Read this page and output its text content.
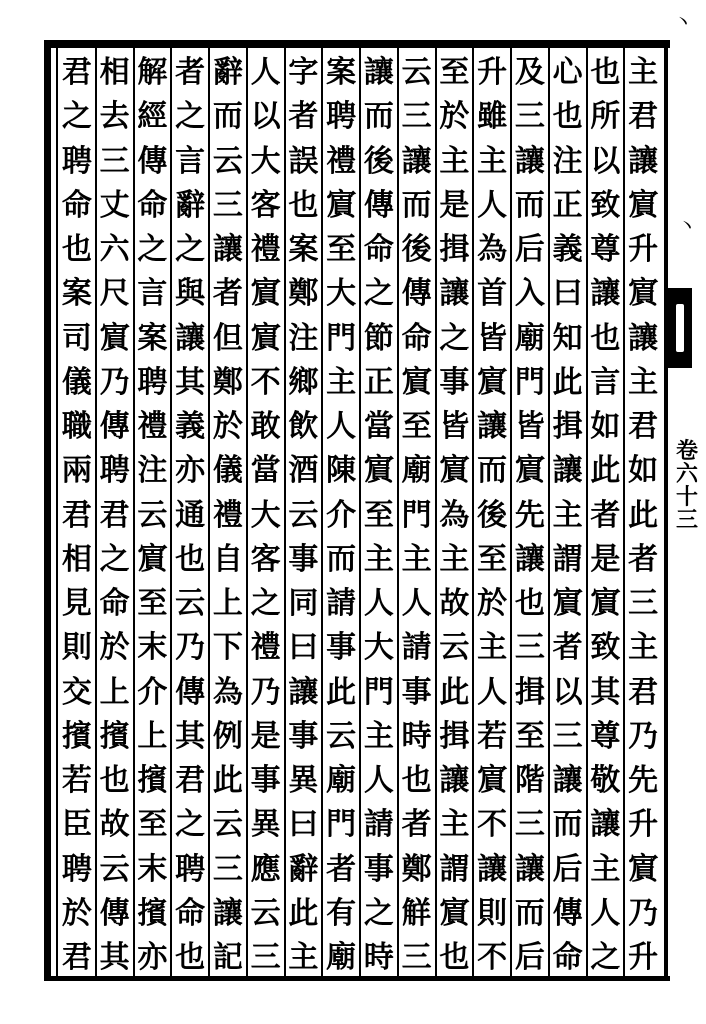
丶
丶
卷
六
十
三
主
君
讓
賔
升
賔
讓
主
君
如
此
者
三
主
君
乃
先
升
賔
乃
升
也
所
以
致
尊
讓
也
言
如
此
者
是
賔
致
其
尊
敬
讓
主
人
之
心
也
注
正
義
曰
知
此
揖
讓
主
謂
賔
者
以
三
讓
而
后
傳
命
及
三
讓
而
后
入
廟
門
皆
賔
先
讓
也
三
揖
至
階
三
讓
而
后
升
雖
主
人
為
首
皆
賔
讓
而
後
至
於
主
人
若
賔
不
讓
則
不
至
於
主
是
揖
讓
之
事
皆
賔
為
主
故
云
此
揖
讓
主
謂
賔
也
云
三
讓
而
後
傳
命
賔
至
廟
門
主
人
請
事
時
也
者
鄭
觧
三
讓
而
後
傳
命
之
節
正
當
賔
至
主
人
大
門
主
人
請
事
之
時
案
聘
禮
賔
至
大
門
主
人
陳
介
而
請
事
此
云
廟
門
者
有
廟
字
者
誤
也
案
鄭
注
鄉
飲
酒
云
事
同
曰
讓
事
異
曰
辭
此
主
人
以
大
客
禮
賔
賔
不
敢
當
大
客
之
禮
乃
是
事
異
應
云
三
辭
而
云
三
讓
者
但
鄭
於
儀
禮
自
上
下
為
例
此
云
三
讓
記
者
之
言
辭
之
與
讓
其
義
亦
通
也
云
乃
傳
其
君
之
聘
命
也
解
經
傳
命
之
言
案
聘
禮
注
云
賔
至
末
介
上
擯
至
末
擯
亦
相
去
三
丈
六
尺
賔
乃
傳
聘
君
之
命
於
上
擯
也
故
云
傳
其
君
之
聘
命
也
案
司
儀
職
兩
君
相
見
則
交
擯
若
臣
聘
於
君
